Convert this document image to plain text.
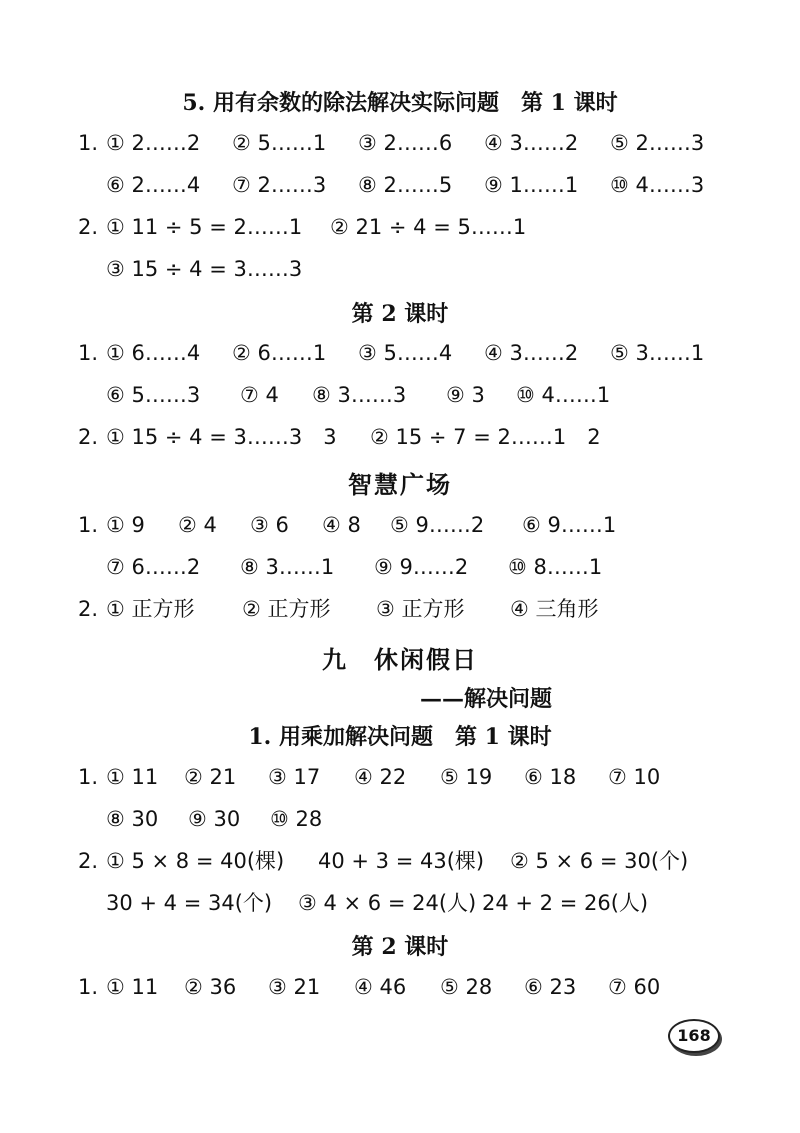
5. 用有余数的除法解决实际问题　第 1 课时
1. ① 2……2 ② 5……1 ③ 2……6 ④ 3……2 ⑤ 2……3
⑥ 2……4 ⑦ 2……3 ⑧ 2……5 ⑨ 1……1 ⑩ 4……3
2. ① 11 ÷ 5 = 2……1 ② 21 ÷ 4 = 5……1
③ 15 ÷ 4 = 3……3
第 2 课时
1. ① 6……4 ② 6……1 ③ 5……4 ④ 3……2 ⑤ 3……1
⑥ 5……3 ⑦ 4 ⑧ 3……3 ⑨ 3 ⑩ 4……1
2. ① 15 ÷ 4 = 3……3　3 ② 15 ÷ 7 = 2……1　2
智慧广场
1. ① 9 ② 4 ③ 6 ④ 8 ⑤ 9……2 ⑥ 9……1
⑦ 6……2 ⑧ 3……1 ⑨ 9……2 ⑩ 8……1
2. ① 正方形 ② 正方形 ③ 正方形 ④ 三角形
九　休闲假日
——解决问题
1. 用乘加解决问题　第 1 课时
1. ① 11 ② 21 ③ 17 ④ 22 ⑤ 19 ⑥ 18 ⑦ 10
⑧ 30 ⑨ 30 ⑩ 28
2. ① 5 × 8 = 40(棵) 40 + 3 = 43(棵) ② 5 × 6 = 30(个)
30 + 4 = 34(个) ③ 4 × 6 = 24(人) 24 + 2 = 26(人)
第 2 课时
1. ① 11 ② 36 ③ 21 ④ 46 ⑤ 28 ⑥ 23 ⑦ 60
168
